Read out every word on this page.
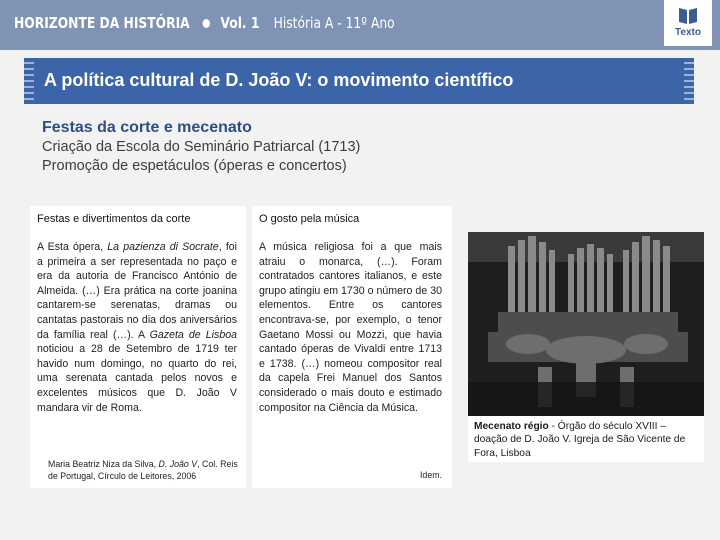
HORIZONTE DA HISTÓRIA Vol. 1 História A - 11º Ano
Texto
A política cultural de D. João V: o movimento científico
Festas da corte e mecenato
Criação da Escola do Seminário Patriarcal (1713)
Promoção de espetáculos (óperas e concertos)
Festas e divertimentos da corte
A Esta ópera, La pazienza di Socrate, foi a primeira a ser representada no paço e era da autoria de Francisco António de Almeida. (…) Era prática na corte joanina cantarem-se serenatas, dramas ou cantatas pastorais no dia dos aniversários da família real (…). A Gazeta de Lisboa noticiou a 28 de Setembro de 1719 ter havido num domingo, no quarto do rei, uma serenata cantada pelos novos e excelentes músicos que D. João V mandara vir de Roma.
Maria Beatriz Niza da Silva, D. João V, Col. Reis de Portugal, Círculo de Leitores, 2006
O gosto pela música
A música religiosa foi a que mais atraiu o monarca, (…). Foram contratados cantores italianos, e este grupo atingiu em 1730 o número de 30 elementos. Entre os cantores encontrava-se, por exemplo, o tenor Gaetano Mossi ou Mozzi, que havia cantado óperas de Vivaldi entre 1713 e 1738. (…) nomeou compositor real da capela Frei Manuel dos Santos considerado o mais douto e estimado compositor na Ciência da Música.
Idem.
Mecenato régio - Órgão do século XVIII – doação de D. João V. Igreja de São Vicente de Fora, Lisboa
